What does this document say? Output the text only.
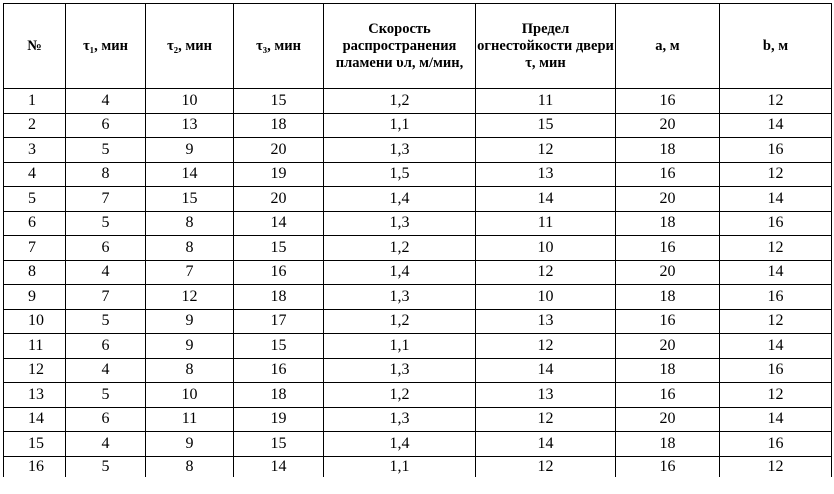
№	τ₁, мин	τ₂, мин	τ₃, мин	Скорость распространения пламени υл, м/мин,	Предел огнестойкости двери τ, мин	a, м	b, м
1	4	10	15	1,2	11	16	12
2	6	13	18	1,1	15	20	14
3	5	9	20	1,3	12	18	16
4	8	14	19	1,5	13	16	12
5	7	15	20	1,4	14	20	14
6	5	8	14	1,3	11	18	16
7	6	8	15	1,2	10	16	12
8	4	7	16	1,4	12	20	14
9	7	12	18	1,3	10	18	16
10	5	9	17	1,2	13	16	12
11	6	9	15	1,1	12	20	14
12	4	8	16	1,3	14	18	16
13	5	10	18	1,2	13	16	12
14	6	11	19	1,3	12	20	14
15	4	9	15	1,4	14	18	16
16	5	8	14	1,1	12	16	12
